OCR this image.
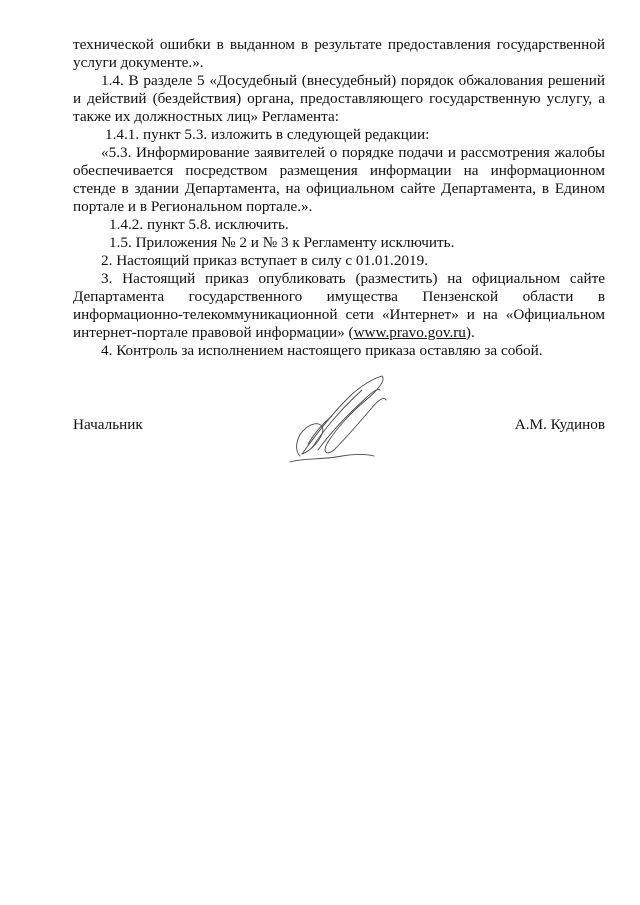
технической ошибки в выданном в результате предоставления государственной услуги документе.».

1.4. В разделе 5 «Досудебный (внесудебный) порядок обжалования решений и действий (бездействия) органа, предоставляющего государственную услугу, а также их должностных лиц» Регламента:

1.4.1. пункт 5.3. изложить в следующей редакции:

«5.3. Информирование заявителей о порядке подачи и рассмотрения жалобы обеспечивается посредством размещения информации на информационном стенде в здании Департамента, на официальном сайте Департамента, в Едином портале и в Региональном портале.».

1.4.2. пункт 5.8. исключить.

1.5. Приложения № 2 и № 3 к Регламенту исключить.

2. Настоящий приказ вступает в силу с 01.01.2019.

3. Настоящий приказ опубликовать (разместить) на официальном сайте Департамента государственного имущества Пензенской области в информационно-телекоммуникационной сети «Интернет» и на «Официальном интернет-портале правовой информации» (www.pravo.gov.ru).

4. Контроль за исполнением настоящего приказа оставляю за собой.

Начальник	А.М. Кудинов
